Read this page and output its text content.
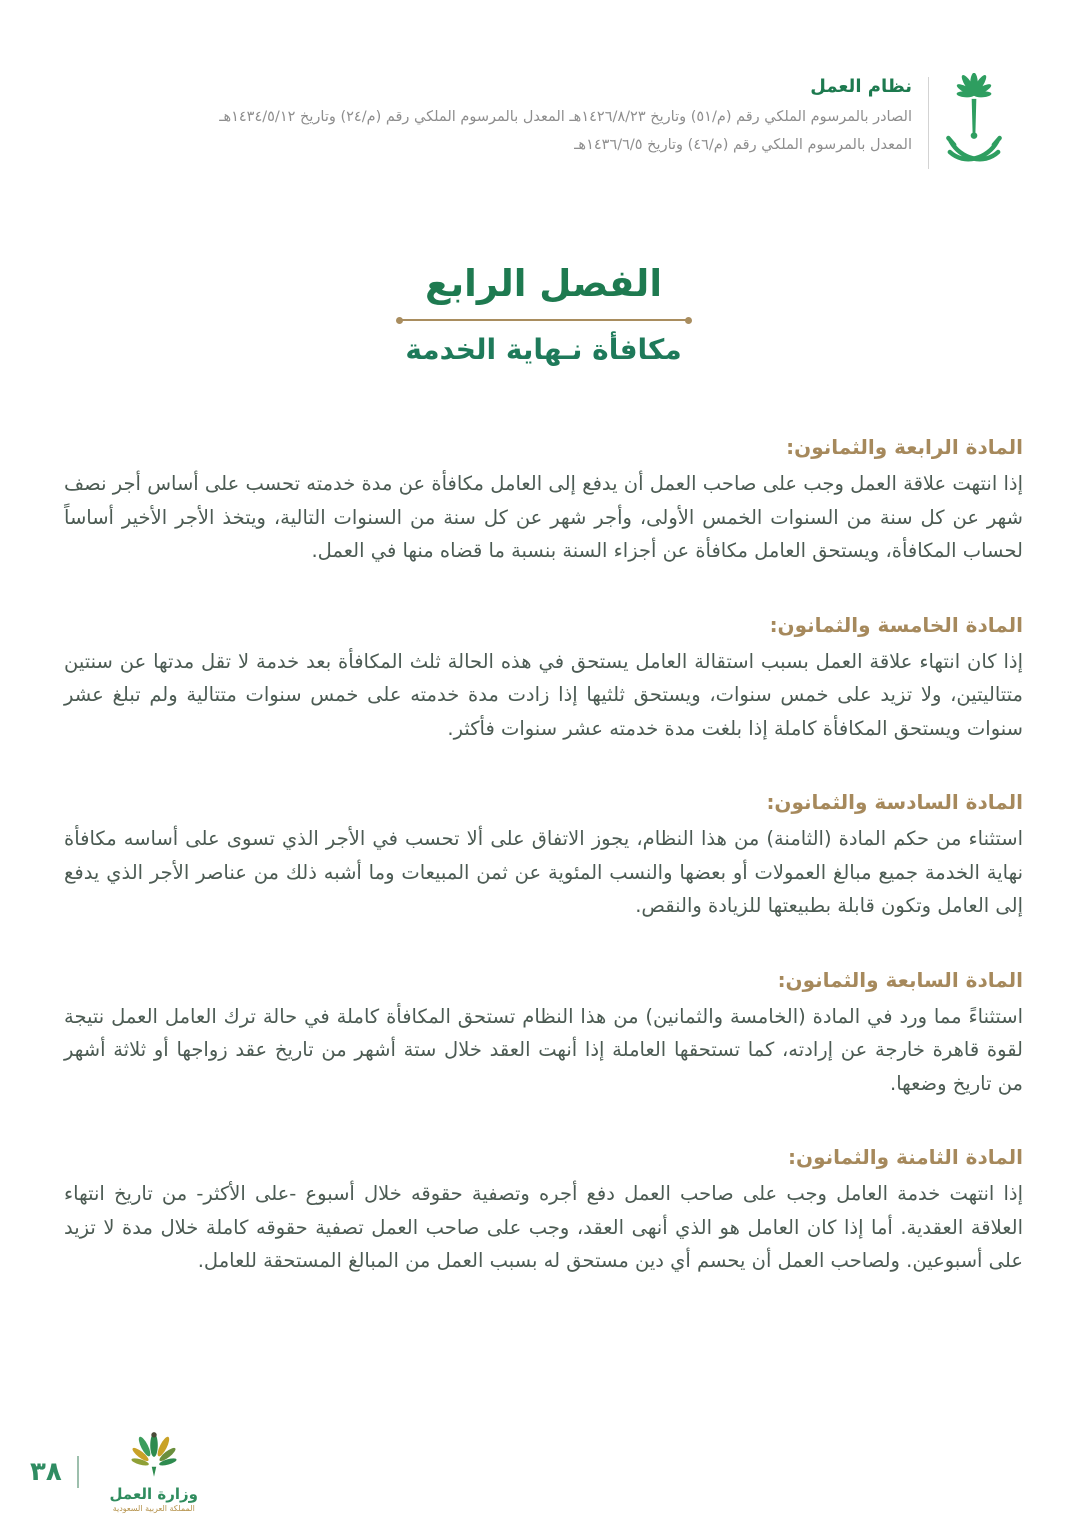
نظام العمل
الصادر بالمرسوم الملكي رقم (م/٥١) وتاريخ ١٤٢٦/٨/٢٣هـ المعدل بالمرسوم الملكي رقم (م/٢٤) وتاريخ ١٤٣٤/٥/١٢هـ
المعدل بالمرسوم الملكي رقم (م/٤٦) وتاريخ ١٤٣٦/٦/٥هـ
الفصل الرابع
مكافأة نـهاية الخدمة
المادة الرابعة والثمانون:
إذا انتهت علاقة العمل وجب على صاحب العمل أن يدفع إلى العامل مكافأة عن مدة خدمته تحسب على أساس أجر نصف شهر عن كل سنة من السنوات الخمس الأولى، وأجر شهر عن كل سنة من السنوات التالية، ويتخذ الأجر الأخير أساساً لحساب المكافأة، ويستحق العامل مكافأة عن أجزاء السنة بنسبة ما قضاه منها في العمل.
المادة الخامسة والثمانون:
إذا كان انتهاء علاقة العمل بسبب استقالة العامل يستحق في هذه الحالة ثلث المكافأة بعد خدمة لا تقل مدتها عن سنتين متتاليتين، ولا تزيد على خمس سنوات، ويستحق ثلثيها إذا زادت مدة خدمته على خمس سنوات متتالية ولم تبلغ عشر سنوات ويستحق المكافأة كاملة إذا بلغت مدة خدمته عشر سنوات فأكثر.
المادة السادسة والثمانون:
استثناء من حكم المادة (الثامنة) من هذا النظام، يجوز الاتفاق على ألا تحسب في الأجر الذي تسوى على أساسه مكافأة نهاية الخدمة جميع مبالغ العمولات أو بعضها والنسب المئوية عن ثمن المبيعات وما أشبه ذلك من عناصر الأجر الذي يدفع إلى العامل وتكون قابلة بطبيعتها للزيادة والنقص.
المادة السابعة والثمانون:
استثناءً مما ورد في المادة (الخامسة والثمانين) من هذا النظام تستحق المكافأة كاملة في حالة ترك العامل العمل نتيجة لقوة قاهرة خارجة عن إرادته، كما تستحقها العاملة إذا أنهت العقد خلال ستة أشهر من تاريخ عقد زواجها أو ثلاثة أشهر من تاريخ وضعها.
المادة الثامنة والثمانون:
إذا انتهت خدمة العامل وجب على صاحب العمل دفع أجره وتصفية حقوقه خلال أسبوع -على الأكثر- من تاريخ انتهاء العلاقة العقدية. أما إذا كان العامل هو الذي أنهى العقد، وجب على صاحب العمل تصفية حقوقه كاملة خلال مدة لا تزيد على أسبوعين. ولصاحب العمل أن يحسم أي دين مستحق له بسبب العمل من المبالغ المستحقة للعامل.
وزارة العمل
المملكة العربية السعودية
٣٨
